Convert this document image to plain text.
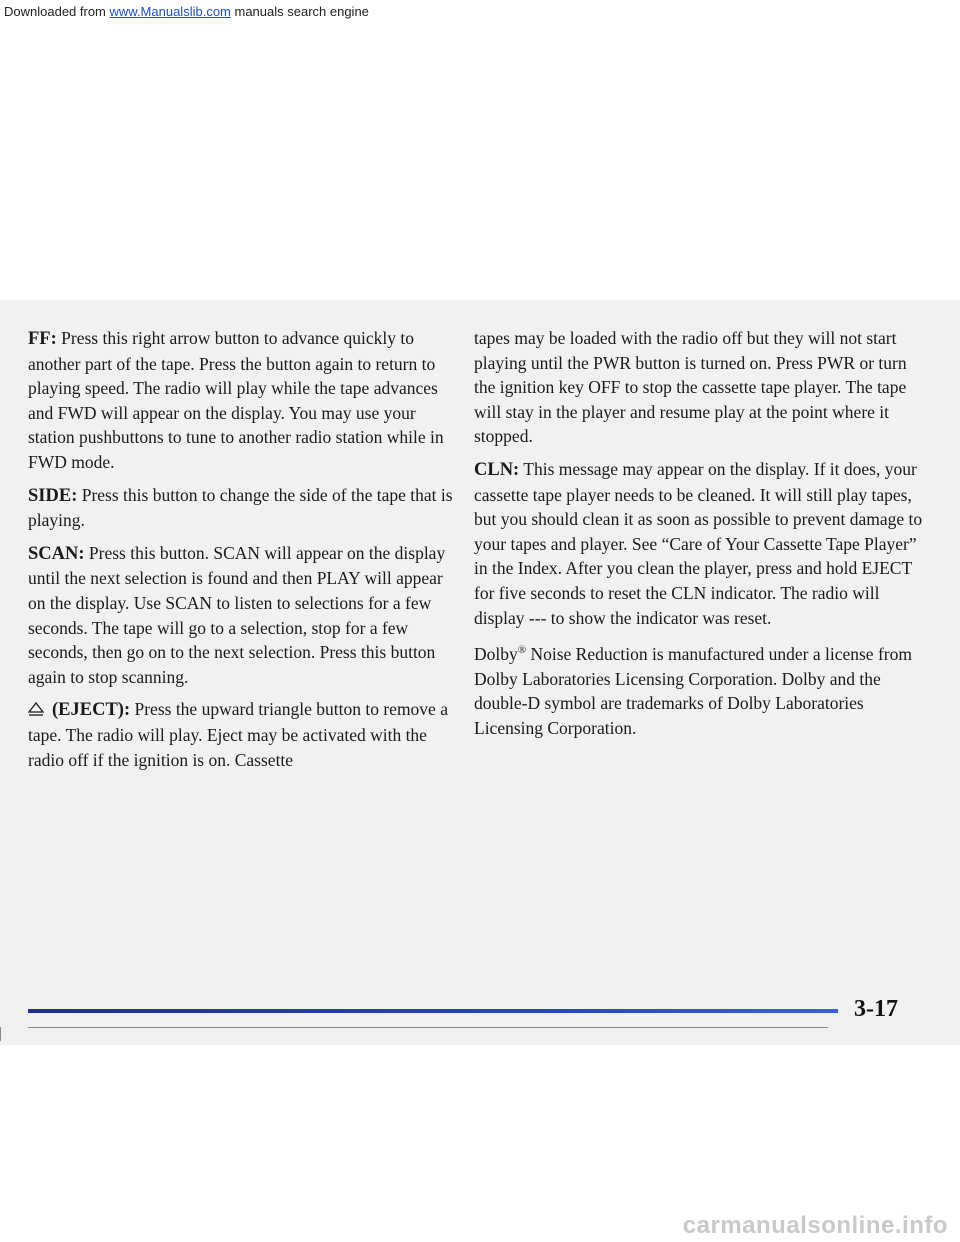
Downloaded from www.Manualslib.com manuals search engine

FF: Press this right arrow button to advance quickly to another part of the tape. Press the button again to return to playing speed. The radio will play while the tape advances and FWD will appear on the display. You may use your station pushbuttons to tune to another radio station while in FWD mode.

SIDE: Press this button to change the side of the tape that is playing.

SCAN: Press this button. SCAN will appear on the display until the next selection is found and then PLAY will appear on the display. Use SCAN to listen to selections for a few seconds. The tape will go to a selection, stop for a few seconds, then go on to the next selection. Press this button again to stop scanning.

(EJECT): Press the upward triangle button to remove a tape. The radio will play. Eject may be activated with the radio off if the ignition is on. Cassette

tapes may be loaded with the radio off but they will not start playing until the PWR button is turned on. Press PWR or turn the ignition key OFF to stop the cassette tape player. The tape will stay in the player and resume play at the point where it stopped.

CLN: This message may appear on the display. If it does, your cassette tape player needs to be cleaned. It will still play tapes, but you should clean it as soon as possible to prevent damage to your tapes and player. See “Care of Your Cassette Tape Player” in the Index. After you clean the player, press and hold EJECT for five seconds to reset the CLN indicator. The radio will display --- to show the indicator was reset.

Dolby® Noise Reduction is manufactured under a license from Dolby Laboratories Licensing Corporation. Dolby and the double-D symbol are trademarks of Dolby Laboratories Licensing Corporation.

3-17
carmanualsonline.info
